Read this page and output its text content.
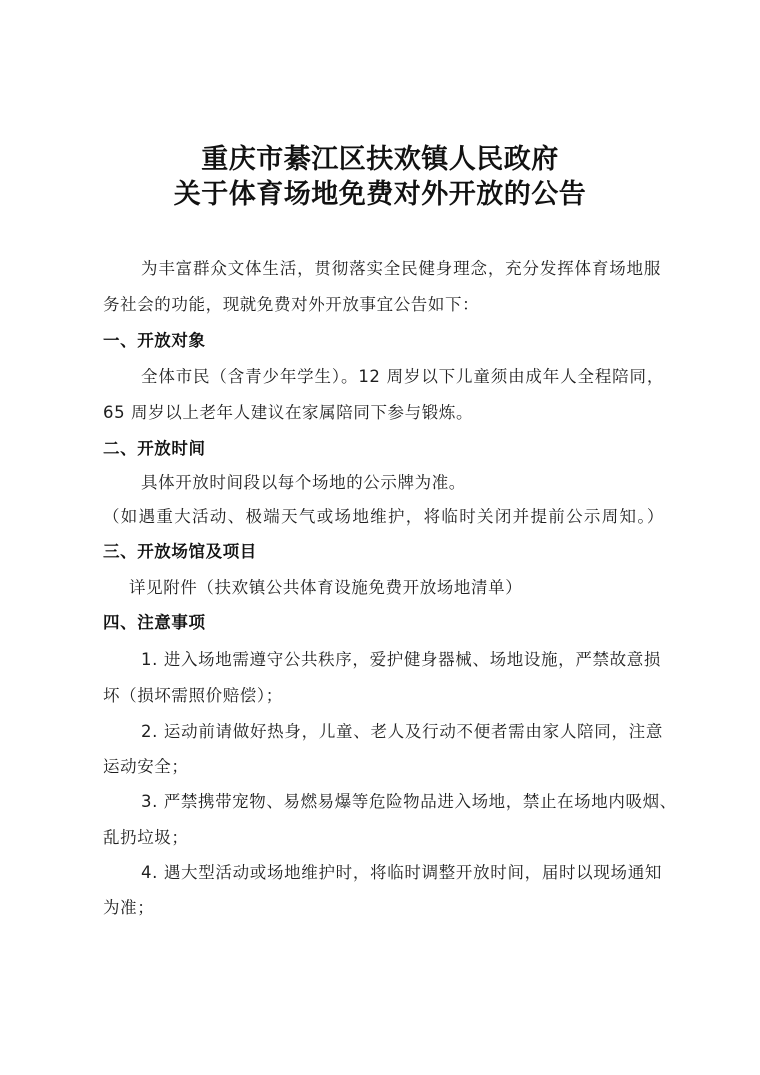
重庆市綦江区扶欢镇人民政府
关于体育场地免费对外开放的公告
为丰富群众文体生活，贯彻落实全民健身理念，充分发挥体育场地服
务社会的功能，现就免费对外开放事宜公告如下：
一、开放对象
全体市民（含青少年学生）。12 周岁以下儿童须由成年人全程陪同，
65 周岁以上老年人建议在家属陪同下参与锻炼。
二、开放时间
具体开放时间段以每个场地的公示牌为准。
（如遇重大活动、极端天气或场地维护，将临时关闭并提前公示周知。）
三、开放场馆及项目
详见附件（扶欢镇公共体育设施免费开放场地清单）
四、注意事项
1. 进入场地需遵守公共秩序，爱护健身器械、场地设施，严禁故意损
坏（损坏需照价赔偿）；
2. 运动前请做好热身，儿童、老人及行动不便者需由家人陪同，注意
运动安全；
3. 严禁携带宠物、易燃易爆等危险物品进入场地，禁止在场地内吸烟、
乱扔垃圾；
4. 遇大型活动或场地维护时，将临时调整开放时间，届时以现场通知
为准；
